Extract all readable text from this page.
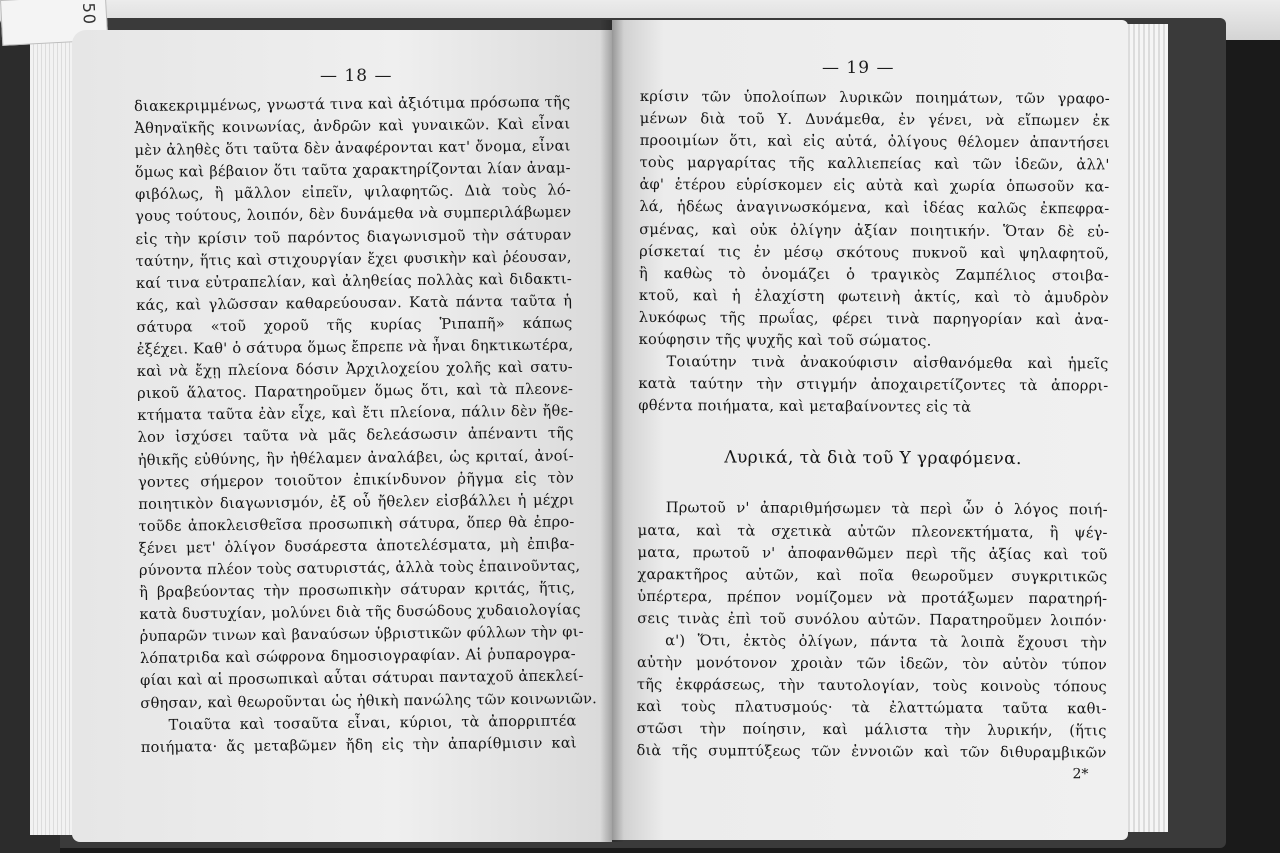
50
— 18 —
διακεκριμμένως, γνωστά τινα καὶ ἀξιότιμα πρόσωπα τῆς
Ἀθηναϊκῆς κοινωνίας, ἀνδρῶν καὶ γυναικῶν. Καὶ εἶναι
μὲν ἀληθὲς ὅτι ταῦτα δὲν ἀναφέρονται κατ' ὄνομα, εἶναι
ὅμως καὶ βέβαιον ὅτι ταῦτα χαρακτηρίζονται λίαν ἀναμ-
φιβόλως, ἢ μᾶλλον εἰπεῖν, ψιλαφητῶς. Διὰ τοὺς λό-
γους τούτους, λοιπόν, δὲν δυνάμεθα νὰ συμπεριλάβωμεν
εἰς τὴν κρίσιν τοῦ παρόντος διαγωνισμοῦ τὴν σάτυραν
ταύτην, ἥτις καὶ στιχουργίαν ἔχει φυσικὴν καὶ ῥέουσαν,
καί τινα εὐτραπελίαν, καὶ ἀληθείας πολλὰς καὶ διδακτι-
κάς, καὶ γλῶσσαν καθαρεύουσαν. Κατὰ πάντα ταῦτα ἡ
σάτυρα «τοῦ χοροῦ τῆς κυρίας Ῥιπαπῆ» κάπως
ἐξέχει. Καθ' ὁ σάτυρα ὅμως ἔπρεπε νὰ ἦναι δηκτικωτέρα,
καὶ νὰ ἔχῃ πλείονα δόσιν Ἀρχιλοχείου χολῆς καὶ σατυ-
ρικοῦ ἅλατος. Παρατηροῦμεν ὅμως ὅτι, καὶ τὰ πλεονε-
κτήματα ταῦτα ἐὰν εἶχε, καὶ ἔτι πλείονα, πάλιν δὲν ἤθε-
λον ἰσχύσει ταῦτα νὰ μᾶς δελεάσωσιν ἀπέναντι τῆς
ἠθικῆς εὐθύνης, ἣν ἠθέλαμεν ἀναλάβει, ὡς κριταί, ἀνοί-
γοντες σήμερον τοιοῦτον ἐπικίνδυνον ῥῆγμα εἰς τὸν
ποιητικὸν διαγωνισμόν, ἐξ οὗ ἤθελεν εἰσβάλλει ἡ μέχρι
τοῦδε ἀποκλεισθεῖσα προσωπικὴ σάτυρα, ὅπερ θὰ ἐπρο-
ξένει μετ' ὀλίγον δυσάρεστα ἀποτελέσματα, μὴ ἐπιβα-
ρύνοντα πλέον τοὺς σατυριστάς, ἀλλὰ τοὺς ἐπαινοῦντας,
ἢ βραβεύοντας τὴν προσωπικὴν σάτυραν κριτάς, ἥτις,
κατὰ δυστυχίαν, μολύνει διὰ τῆς δυσώδους χυδαιολογίας
ῥυπαρῶν τινων καὶ βαναύσων ὑβριστικῶν φύλλων τὴν φι-
λόπατριδα καὶ σώφρονα δημοσιογραφίαν. Αἱ ῥυπαρογρα-
φίαι καὶ αἱ προσωπικαὶ αὗται σάτυραι πανταχοῦ ἀπεκλεί-
σθησαν, καὶ θεωροῦνται ὡς ἠθικὴ πανώλης τῶν κοινωνιῶν.
Τοιαῦτα καὶ τοσαῦτα εἶναι, κύριοι, τὰ ἀπορριπτέα
ποιήματα· ἄς μεταβῶμεν ἤδη εἰς τὴν ἀπαρίθμισιν καὶ
— 19 —
κρίσιν τῶν ὑπολοίπων λυρικῶν ποιημάτων, τῶν γραφο-
μένων διὰ τοῦ Υ. Δυνάμεθα, ἐν γένει, νὰ εἴπωμεν ἐκ
προοιμίων ὅτι, καὶ εἰς αὐτά, ὀλίγους θέλομεν ἀπαντήσει
τοὺς μαργαρίτας τῆς καλλιεπείας καὶ τῶν ἰδεῶν, ἀλλ'
ἀφ' ἑτέρου εὑρίσκομεν εἰς αὐτὰ καὶ χωρία ὁπωσοῦν κα-
λά, ἡδέως ἀναγινωσκόμενα, καὶ ἰδέας καλῶς ἐκπεφρα-
σμένας, καὶ οὐκ ὀλίγην ἀξίαν ποιητικήν. Ὅταν δὲ εὑ-
ρίσκεταί τις ἐν μέσῳ σκότους πυκνοῦ καὶ ψηλαφητοῦ,
ἢ καθὼς τὸ ὀνομάζει ὁ τραγικὸς Ζαμπέλιος στοιβα-
κτοῦ, καὶ ἡ ἐλαχίστη φωτεινὴ ἀκτίς, καὶ τὸ ἀμυδρὸν
λυκόφως τῆς πρωΐας, φέρει τινὰ παρηγορίαν καὶ ἀνα-
κούφησιν τῆς ψυχῆς καὶ τοῦ σώματος.
Τοιαύτην τινὰ ἀνακούφισιν αἰσθανόμεθα καὶ ἡμεῖς
κατὰ ταύτην τὴν στιγμήν ἀποχαιρετίζοντες τὰ ἀπορρι-
φθέντα ποιήματα, καὶ μεταβαίνοντες εἰς τὰ
Λυρικά, τὰ διὰ τοῦ Υ γραφόμενα.
Πρωτοῦ ν' ἀπαριθμήσωμεν τὰ περὶ ὧν ὁ λόγος ποιή-
ματα, καὶ τὰ σχετικὰ αὐτῶν πλεονεκτήματα, ἢ ψέγ-
ματα, πρωτοῦ ν' ἀποφανθῶμεν περὶ τῆς ἀξίας καὶ τοῦ
χαρακτῆρος αὐτῶν, καὶ ποῖα θεωροῦμεν συγκριτικῶς
ὑπέρτερα, πρέπον νομίζομεν νὰ προτάξωμεν παρατηρή-
σεις τινὰς ἐπὶ τοῦ συνόλου αὐτῶν. Παρατηροῦμεν λοιπόν·
α') Ὅτι, ἐκτὸς ὀλίγων, πάντα τὰ λοιπὰ ἔχουσι τὴν
αὐτὴν μονότονον χροιὰν τῶν ἰδεῶν, τὸν αὐτὸν τύπον
τῆς ἐκφράσεως, τὴν ταυτολογίαν, τοὺς κοινοὺς τόπους
καὶ τοὺς πλατυσμούς· τὰ ἐλαττώματα ταῦτα καθι-
στῶσι τὴν ποίησιν, καὶ μάλιστα τὴν λυρικήν, (ἥτις
διὰ τῆς συμπτύξεως τῶν ἐννοιῶν καὶ τῶν διθυραμβικῶν
2*
